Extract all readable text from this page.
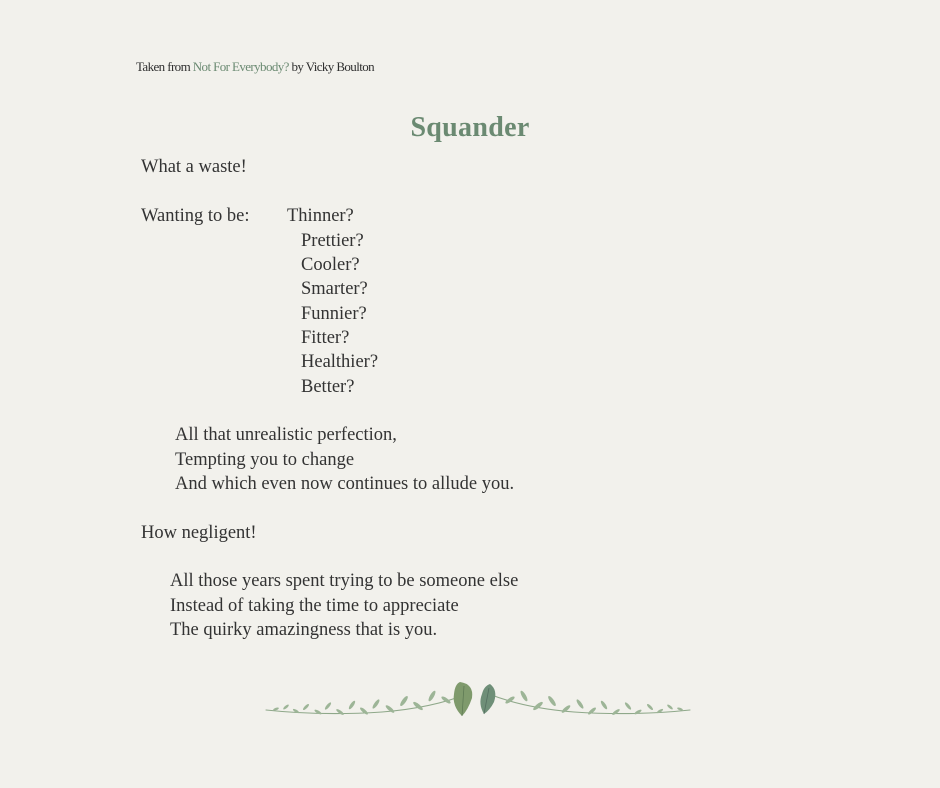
Taken from Not For Everybody? by Vicky Boulton
Squander
What a waste!
Wanting to be: Thinner?
Prettier?
Cooler?
Smarter?
Funnier?
Fitter?
Healthier?
Better?
All that unrealistic perfection,
Tempting you to change
And which even now continues to allude you.
How negligent!
All those years spent trying to be someone else
Instead of taking the time to appreciate
The quirky amazingness that is you.
